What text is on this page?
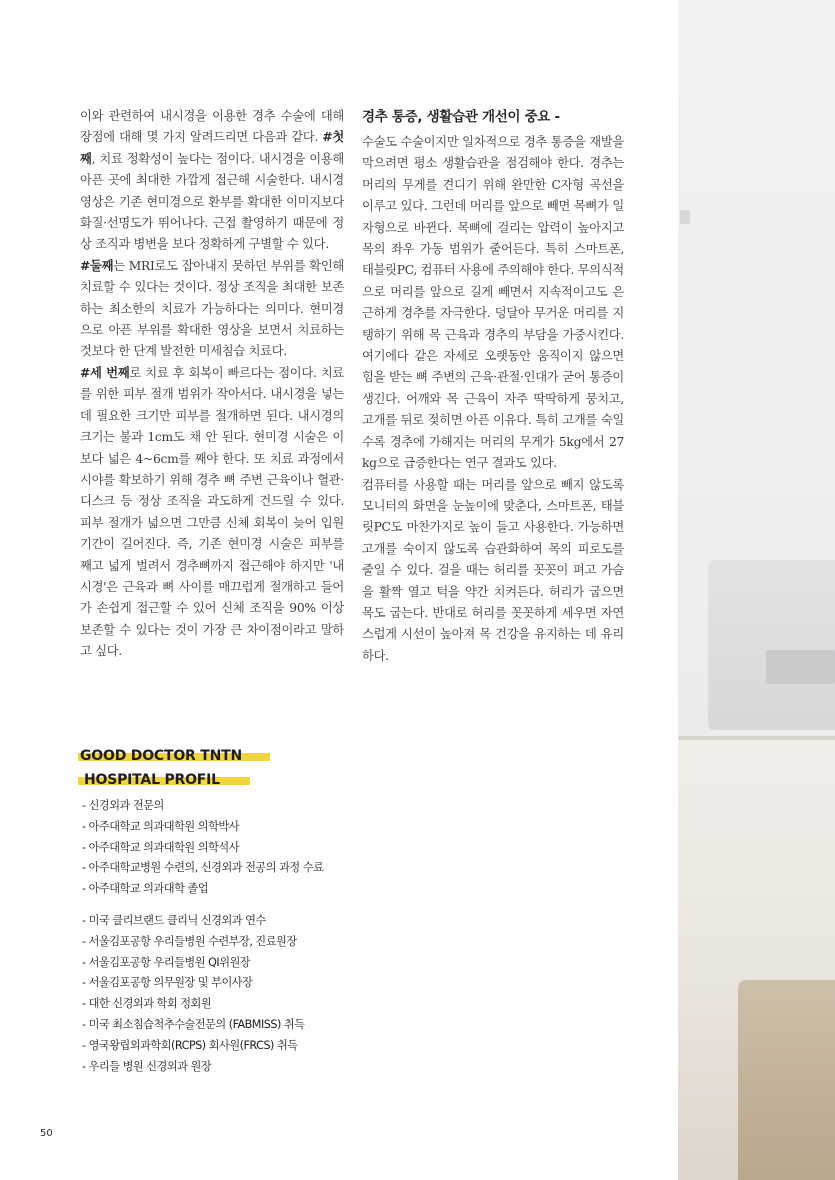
이와 관련하여 내시경을 이용한 경추 수술에 대해 장점에 대해 몇 가지 알려드리면 다음과 같다. #첫째, 치료 정확성이 높다는 점이다. 내시경을 이용해 아픈 곳에 최대한 가깝게 접근해 시술한다. 내시경 영상은 기존 현미경으로 환부를 확대한 이미지보다 화질·선명도가 뛰어나다. 근접 촬영하기 때문에 정상 조직과 병변을 보다 정확하게 구별할 수 있다.
#둘째는 MRI로도 잡아내지 못하던 부위를 확인해 치료할 수 있다는 것이다. 정상 조직을 최대한 보존하는 최소한의 치료가 가능하다는 의미다. 현미경으로 아픈 부위를 확대한 영상을 보면서 치료하는 것보다 한 단계 발전한 미세침습 치료다.
#세 번째로 치료 후 회복이 빠르다는 점이다. 치료를 위한 피부 절개 범위가 작아서다. 내시경을 넣는데 필요한 크기만 피부를 절개하면 된다. 내시경의 크기는 불과 1cm도 채 안 된다. 현미경 시술은 이보다 넓은 4~6cm를 째야 한다. 또 치료 과정에서 시야를 확보하기 위해 경추 뼈 주변 근육이나 혈관·디스크 등 정상 조직을 과도하게 건드릴 수 있다. 피부 절개가 넓으면 그만큼 신체 회복이 늦어 입원 기간이 길어진다. 즉, 기존 현미경 시술은 피부를 째고 넓게 벌려서 경추뼈까지 접근해야 하지만 '내시경'은 근육과 뼈 사이를 매끄럽게 절개하고 들어가 손쉽게 접근할 수 있어 신체 조직을 90% 이상 보존할 수 있다는 것이 가장 큰 차이점이라고 말하고 싶다.

경추 통증, 생활습관 개선이 중요 -

수술도 수술이지만 일차적으로 경추 통증을 재발을 막으려면 평소 생활습관을 점검해야 한다. 경추는 머리의 무게를 견디기 위해 완만한 C자형 곡선을 이루고 있다. 그런데 머리를 앞으로 빼면 목뼈가 일자형으로 바뀐다. 목뼈에 걸리는 압력이 높아지고 목의 좌우 가동 범위가 줄어든다. 특히 스마트폰, 태블릿PC, 컴퓨터 사용에 주의해야 한다. 무의식적으로 머리를 앞으로 길게 빼면서 지속적이고도 은근하게 경추를 자극한다. 덩달아 무거운 머리를 지탱하기 위해 목 근육과 경추의 부담을 가중시킨다. 여기에다 같은 자세로 오랫동안 움직이지 않으면 힘을 받는 뼈 주변의 근육·관절·인대가 굳어 통증이 생긴다. 어깨와 목 근육이 자주 딱딱하게 뭉치고, 고개를 뒤로 젖히면 아픈 이유다. 특히 고개를 숙일수록 경추에 가해지는 머리의 무게가 5kg에서 27kg으로 급증한다는 연구 결과도 있다.

컴퓨터를 사용할 때는 머리를 앞으로 빼지 않도록 모니터의 화면을 눈높이에 맞춘다, 스마트폰, 태블릿PC도 마찬가지로 높이 들고 사용한다. 가능하면 고개를 숙이지 않도록 습관화하여 목의 피로도를 줄일 수 있다. 걸을 때는 허리를 꼿꼿이 펴고 가슴을 활짝 열고 턱을 약간 치켜든다. 허리가 굽으면 목도 굽는다. 반대로 허리를 꼿꼿하게 세우면 자연스럽게 시선이 높아져 목 건강을 유지하는 데 유리하다.

GOOD DOCTOR TNTN
HOSPITAL PROFIL
- 신경외과 전문의
- 아주대학교 의과대학원 의학박사
- 아주대학교 의과대학원 의학석사
- 아주대학교병원 수련의, 신경외과 전공의 과정 수료
- 아주대학교 의과대학 졸업
- 미국 클리브랜드 클리닉 신경외과 연수
- 서울김포공항 우리들병원 수련부장, 진료원장
- 서울김포공항 우리들병원 QI위원장
- 서울김포공항 의무원장 및 부이사장
- 대한 신경외과 학회 정회원
- 미국 최소침습척추수술전문의 (FABMISS) 취득
- 영국왕립외과학회(RCPS) 회사원(FRCS) 취득
- 우리들 병원 신경외과 원장
50
